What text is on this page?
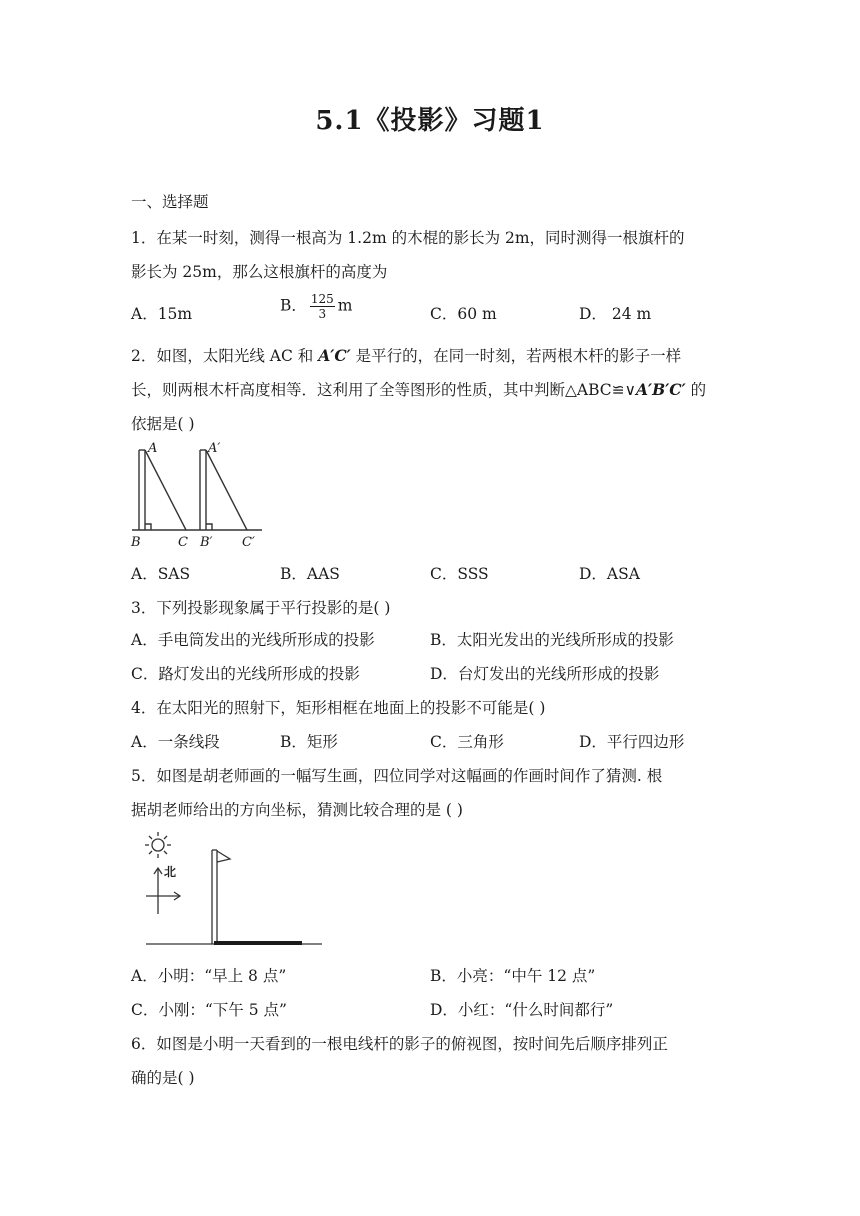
5.1《投影》习题1
一、选择题
1．在某一时刻，测得一根高为 1.2m 的木棍的影长为 2m，同时测得一根旗杆的
影长为 25m，那么这根旗杆的高度为
A．15m	B． $\frac{125}{3}$ m	C．60 m	D． 24 m
2．如图，太阳光线 AC 和 A′C′ 是平行的，在同一时刻，若两根木杆的影子一样
长，则两根木杆高度相等．这利用了全等图形的性质，其中判断△ABC≌∨A′B′C′ 的
依据是( )
A
B	C
A′
B′ C′
A．SAS	B．AAS	C．SSS	D．ASA
3．下列投影现象属于平行投影的是( )
A．手电筒发出的光线所形成的投影	B．太阳光发出的光线所形成的投影
C．路灯发出的光线所形成的投影	D．台灯发出的光线所形成的投影
4．在太阳光的照射下，矩形相框在地面上的投影不可能是( )
A．一条线段	B．矩形	C．三角形	D．平行四边形
5．如图是胡老师画的一幅写生画，四位同学对这幅画的作画时间作了猜测. 根
据胡老师给出的方向坐标，猜测比较合理的是 ( )
北
A．小明：“早上 8 点”	B．小亮：“中午 12 点”
C．小刚：“下午 5 点”	D．小红：“什么时间都行”
6．如图是小明一天看到的一根电线杆的影子的俯视图，按时间先后顺序排列正
确的是( )
